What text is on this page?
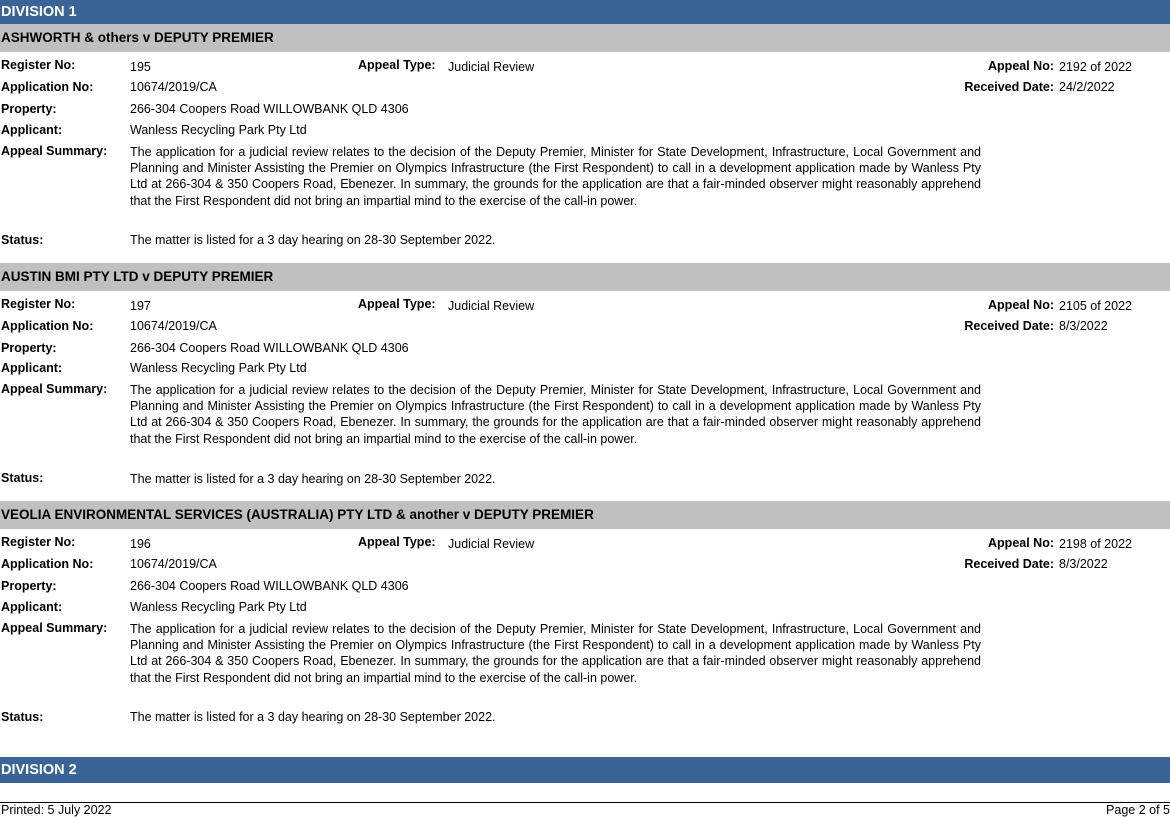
DIVISION 1
ASHWORTH & others v DEPUTY PREMIER
Register No:	195	Appeal Type: Judicial Review	Appeal No: 2192 of 2022
Application No:	10674/2019/CA	Received Date: 24/2/2022
Property:	266-304 Coopers Road WILLOWBANK QLD 4306
Applicant:	Wanless Recycling Park Pty Ltd
Appeal Summary: The application for a judicial review relates to the decision of the Deputy Premier, Minister for State Development, Infrastructure, Local Government and Planning and Minister Assisting the Premier on Olympics Infrastructure (the First Respondent) to call in a development application made by Wanless Pty Ltd at 266-304 & 350 Coopers Road, Ebenezer. In summary, the grounds for the application are that a fair-minded observer might reasonably apprehend that the First Respondent did not bring an impartial mind to the exercise of the call-in power.
Status:	The matter is listed for a 3 day hearing on 28-30 September 2022.
AUSTIN BMI PTY LTD v DEPUTY PREMIER
Register No:	197	Appeal Type: Judicial Review	Appeal No: 2105 of 2022
Application No:	10674/2019/CA	Received Date: 8/3/2022
Property:	266-304 Coopers Road WILLOWBANK QLD 4306
Applicant:	Wanless Recycling Park Pty Ltd
Appeal Summary: The application for a judicial review relates to the decision of the Deputy Premier, Minister for State Development, Infrastructure, Local Government and Planning and Minister Assisting the Premier on Olympics Infrastructure (the First Respondent) to call in a development application made by Wanless Pty Ltd at 266-304 & 350 Coopers Road, Ebenezer. In summary, the grounds for the application are that a fair-minded observer might reasonably apprehend that the First Respondent did not bring an impartial mind to the exercise of the call-in power.
Status:	The matter is listed for a 3 day hearing on 28-30 September 2022.
VEOLIA ENVIRONMENTAL SERVICES (AUSTRALIA) PTY LTD & another v DEPUTY PREMIER
Register No:	196	Appeal Type: Judicial Review	Appeal No: 2198 of 2022
Application No:	10674/2019/CA	Received Date: 8/3/2022
Property:	266-304 Coopers Road WILLOWBANK QLD 4306
Applicant:	Wanless Recycling Park Pty Ltd
Appeal Summary: The application for a judicial review relates to the decision of the Deputy Premier, Minister for State Development, Infrastructure, Local Government and Planning and Minister Assisting the Premier on Olympics Infrastructure (the First Respondent) to call in a development application made by Wanless Pty Ltd at 266-304 & 350 Coopers Road, Ebenezer. In summary, the grounds for the application are that a fair-minded observer might reasonably apprehend that the First Respondent did not bring an impartial mind to the exercise of the call-in power.
Status:	The matter is listed for a 3 day hearing on 28-30 September 2022.
DIVISION 2
Printed: 5 July 2022	Page 2 of 5
